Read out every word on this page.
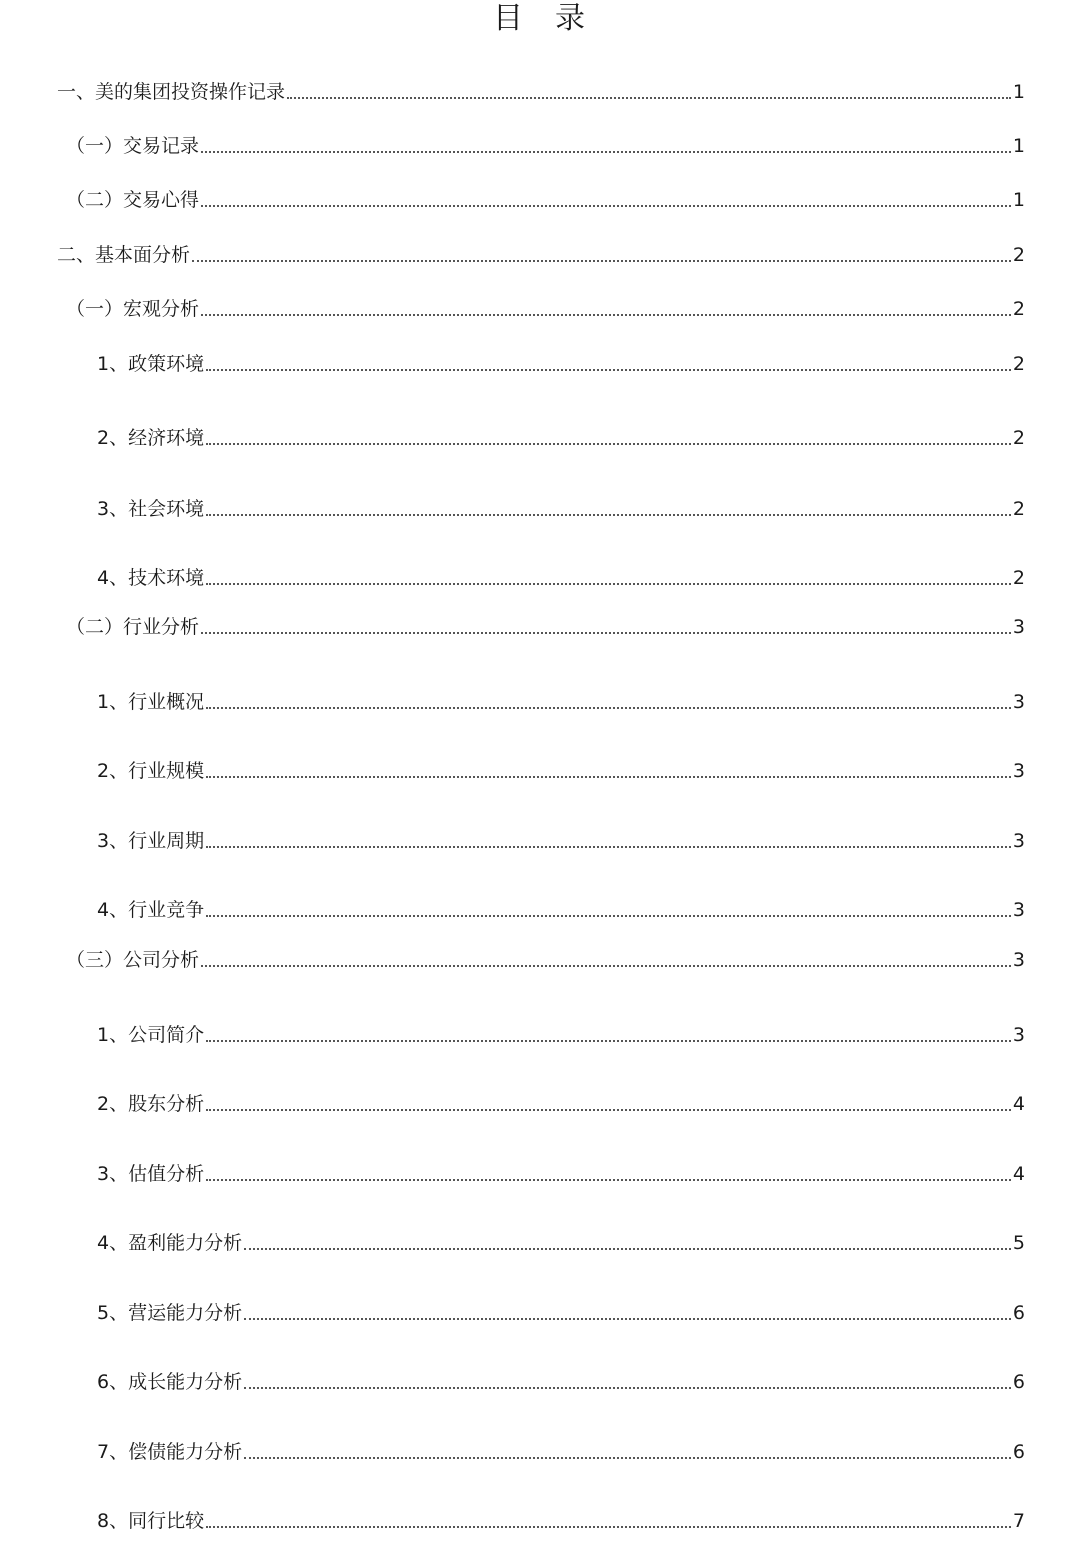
目 录
一、美的集团投资操作记录	1
（一）交易记录	1
（二）交易心得	1
二、基本面分析	2
（一）宏观分析	2
1、政策环境	2
2、经济环境	2
3、社会环境	2
4、技术环境	2
（二）行业分析	3
1、行业概况	3
2、行业规模	3
3、行业周期	3
4、行业竞争	3
（三）公司分析	3
1、公司简介	3
2、股东分析	4
3、估值分析	4
4、盈利能力分析	5
5、营运能力分析	6
6、成长能力分析	6
7、偿债能力分析	6
8、同行比较	7
